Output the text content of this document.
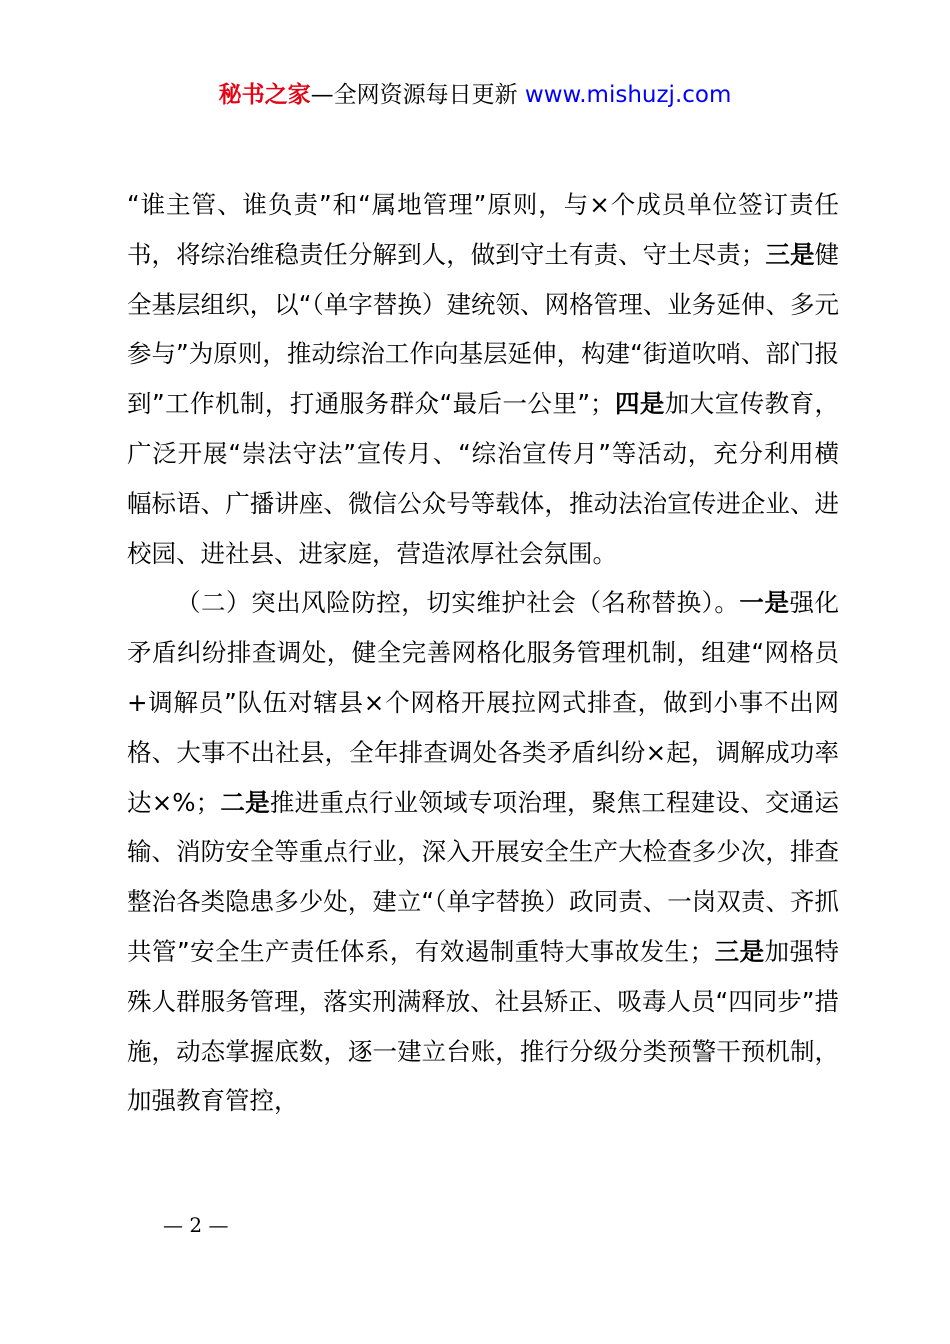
秘书之家—全网资源每日更新 www.mishuzj.com

“谁主管、谁负责”和“属地管理”原则，与×个成员单位签订责任书，将综治维稳责任分解到人，做到守土有责、守土尽责；三是健全基层组织，以“（单字替换）建统领、网格管理、业务延伸、多元参与”为原则，推动综治工作向基层延伸，构建“街道吹哨、部门报到”工作机制，打通服务群众“最后一公里”；四是加大宣传教育，广泛开展“崇法守法”宣传月、“综治宣传月”等活动，充分利用横幅标语、广播讲座、微信公众号等载体，推动法治宣传进企业、进校园、进社县、进家庭，营造浓厚社会氛围。

（二）突出风险防控，切实维护社会（名称替换）。一是强化矛盾纠纷排查调处，健全完善网格化服务管理机制，组建“网格员+调解员”队伍对辖县×个网格开展拉网式排查，做到小事不出网格、大事不出社县，全年排查调处各类矛盾纠纷×起，调解成功率达×%；二是推进重点行业领域专项治理，聚焦工程建设、交通运输、消防安全等重点行业，深入开展安全生产大检查多少次，排查整治各类隐患多少处，建立“（单字替换）政同责、一岗双责、齐抓共管”安全生产责任体系，有效遏制重特大事故发生；三是加强特殊人群服务管理，落实刑满释放、社县矫正、吸毒人员“四同步”措施，动态掌握底数，逐一建立台账，推行分级分类预警干预机制，加强教育管控，

— 2 —
